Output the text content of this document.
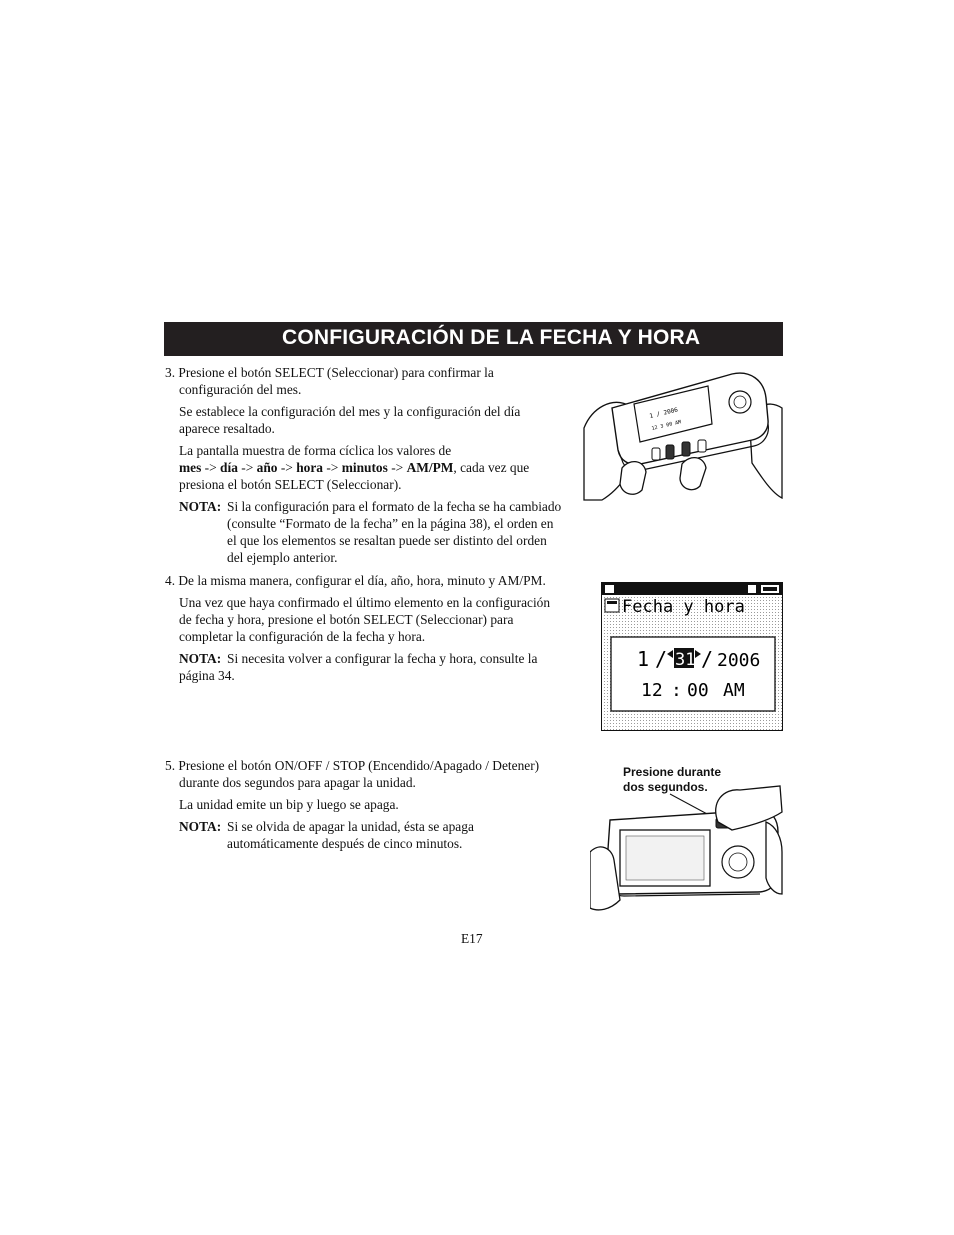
CONFIGURACIÓN DE LA FECHA Y HORA
3. Presione el botón SELECT (Seleccionar) para confirmar la
configuración del mes.
Se establece la configuración del mes y la configuración del día
aparece resaltado.
La pantalla muestra de forma cíclica los valores de
mes -> día -> año -> hora -> minutos -> AM/PM, cada vez que
presiona el botón SELECT (Seleccionar).
NOTA: Si la configuración para el formato de la fecha se ha cambiado
(consulte “Formato de la fecha” en la página 38), el orden en
el que los elementos se resaltan puede ser distinto del orden
del ejemplo anterior.
4. De la misma manera, configurar el día, año, hora, minuto y AM/PM.
Una vez que haya confirmado el último elemento en la configuración
de fecha y hora, presione el botón SELECT (Seleccionar) para
completar la configuración de la fecha y hora.
NOTA: Si necesita volver a configurar la fecha y hora, consulte la
página 34.
5. Presione el botón ON/OFF / STOP (Encendido/Apagado / Detener)
durante dos segundos para apagar la unidad.
La unidad emite un bip y luego se apaga.
NOTA: Si se olvida de apagar la unidad, ésta se apaga
automáticamente después de cinco minutos.
1 / 2006
12 3 00 AM
Fecha y hora
1 / 31 / 2006
12 : 00 AM
Presione durante
dos segundos.
E17
